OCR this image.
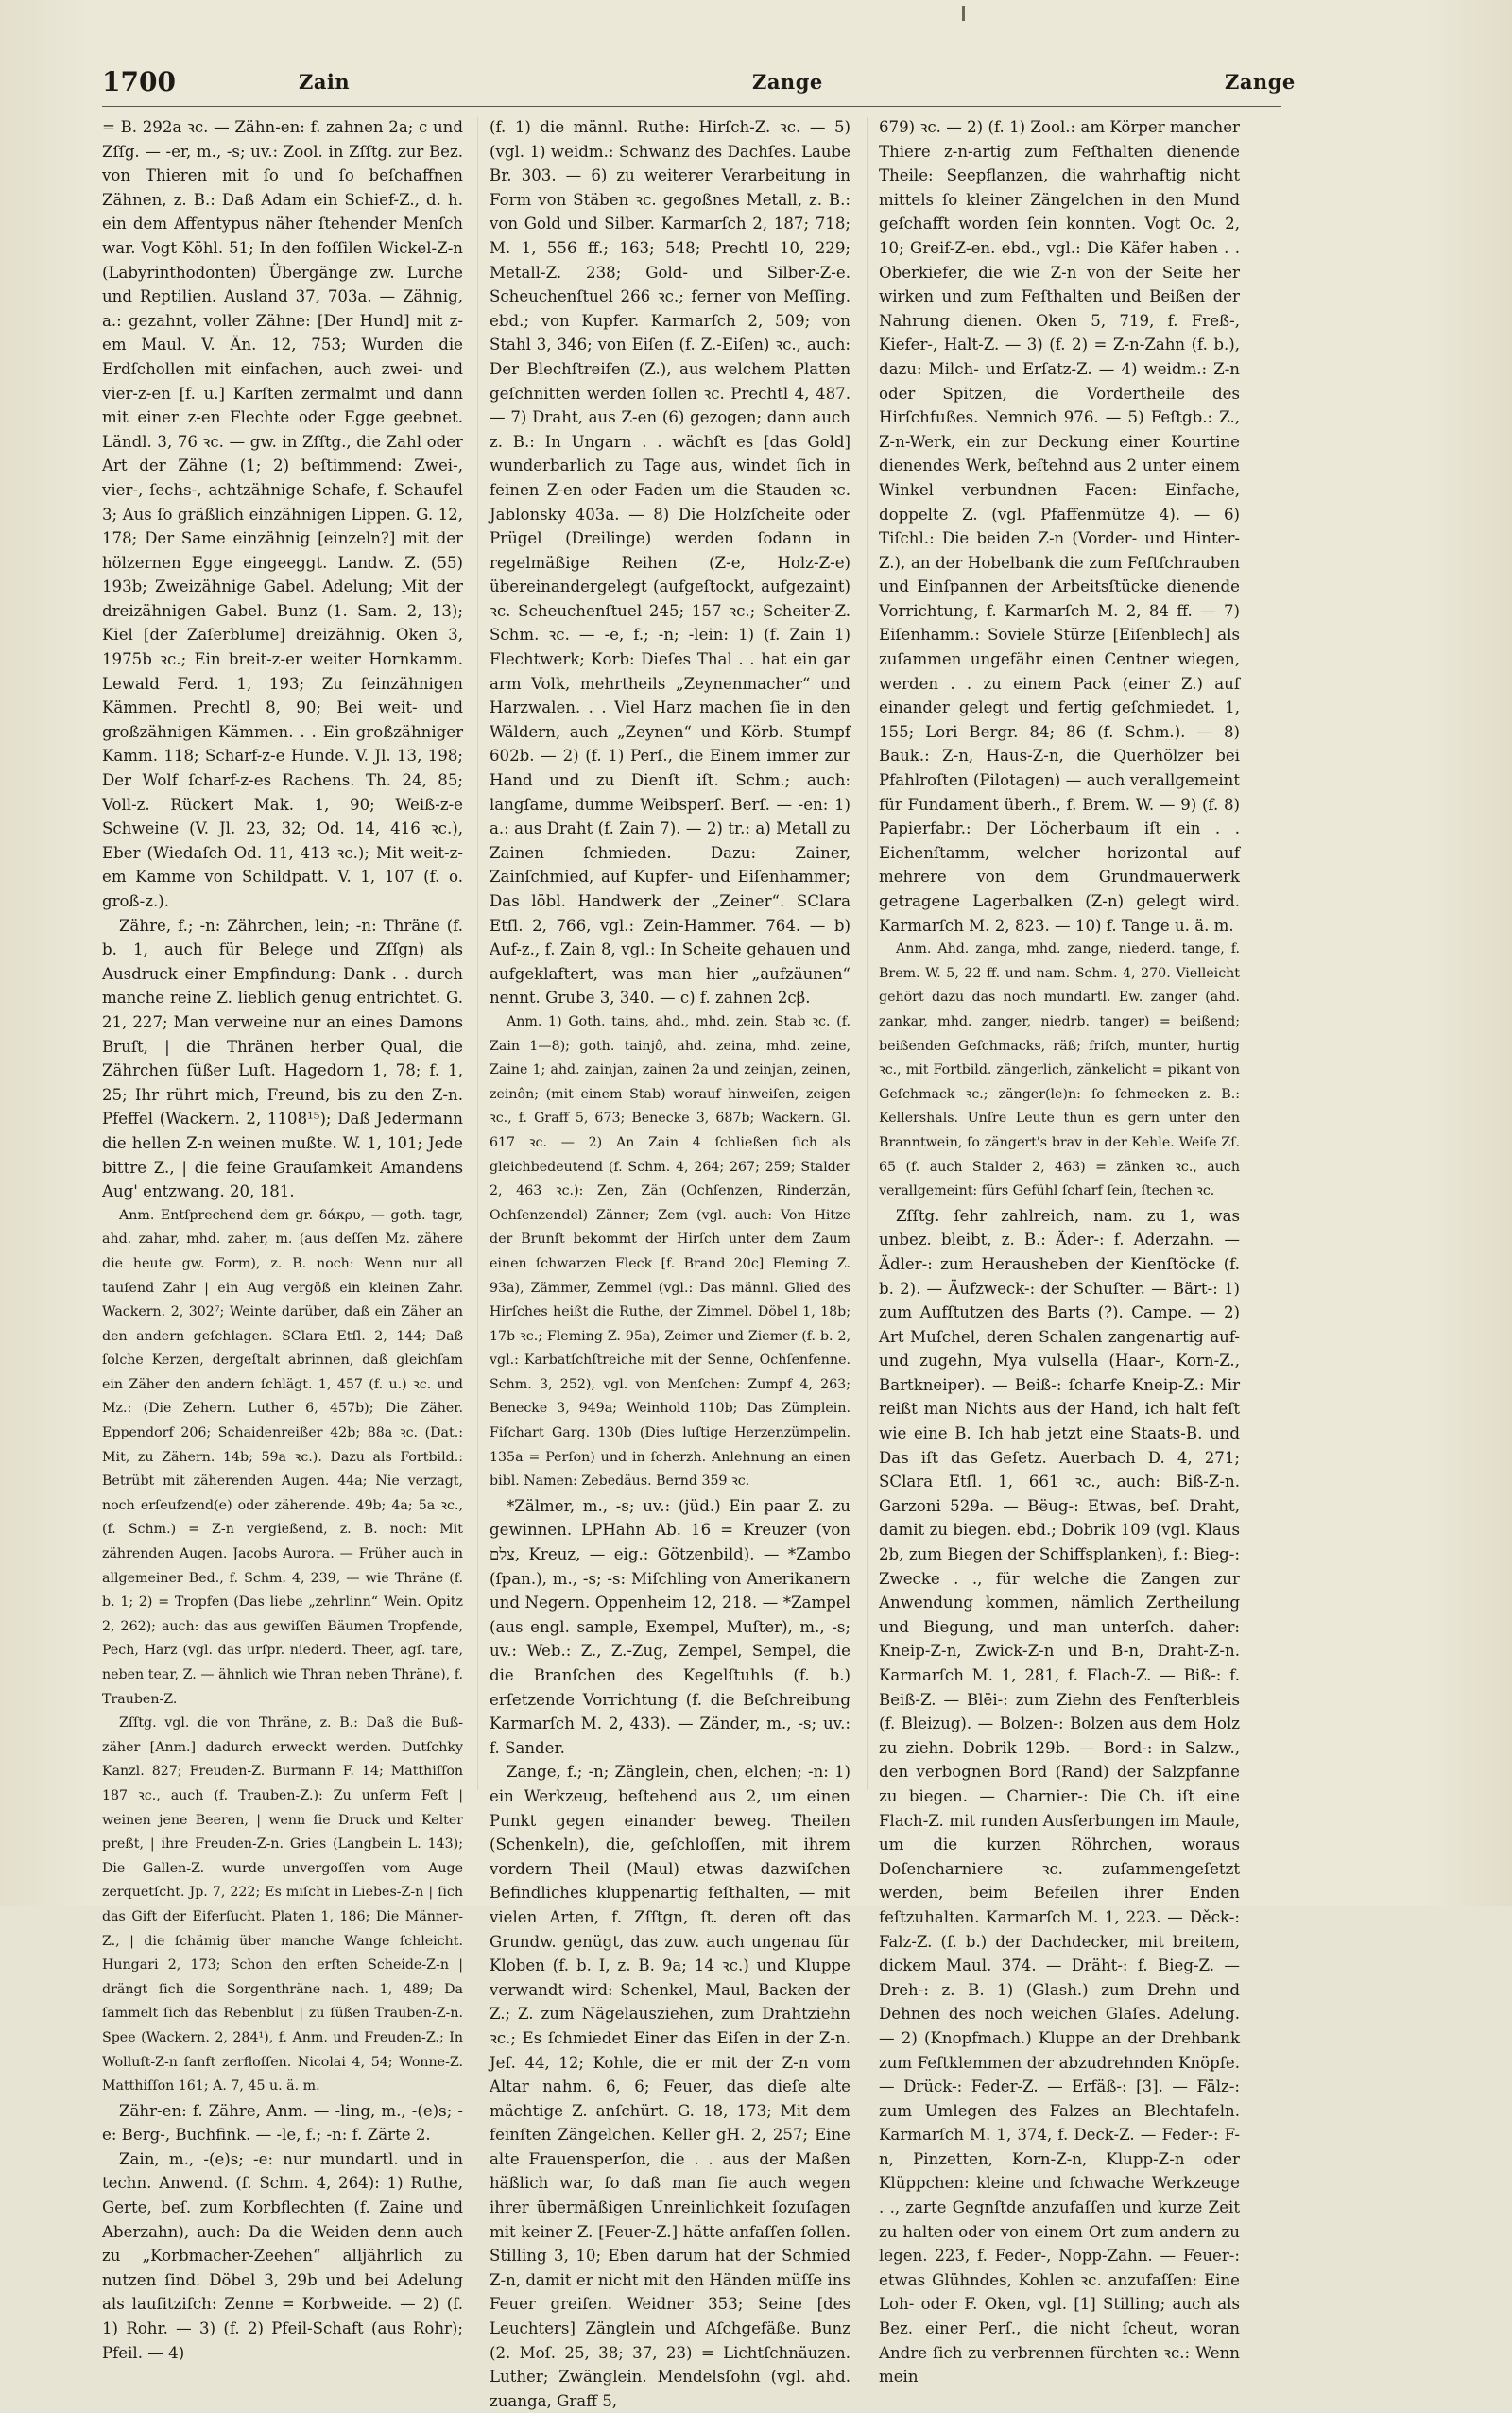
1700	Zain	Zange	Zange

= B. 292a ꝛc. — Zähn-en: f. zahnen 2a; c und Zſſg. — -er, m., -s; uv.: Zool. in Zſſtg. zur Bez. von Thieren mit ſo und ſo beſchaffnen Zähnen, z. B.: Daß Adam ein Schief-Z., d. h. ein dem Affentypus näher ſtehender Menſch war. Vogt Köhl. 51; In den foſſilen Wickel-Z-n (Labyrinthodonten) Übergänge zw. Lurche und Reptilien. Ausland 37, 703a. — Zähnig, a.: gezahnt, voller Zähne: [Der Hund] mit z-em Maul. V. Än. 12, 753; Wurden die Erdſchollen mit einfachen, auch zwei- und vier-z-en [f. u.] Karſten zermalmt und dann mit einer z-en Flechte oder Egge geebnet. Ländl. 3, 76 ꝛc. — gw. in Zſſtg., die Zahl oder Art der Zähne (1; 2) beſtimmend: Zwei-, vier-, ſechs-, achtzähnige Schafe, f. Schaufel 3; Aus ſo gräßlich einzähnigen Lippen. G. 12, 178; Der Same einzähnig [einzeln?] mit der hölzernen Egge eingeeggt. Landw. Z. (55) 193b; Zweizähnige Gabel. Adelung; Mit der dreizähnigen Gabel. Bunz (1. Sam. 2, 13); Kiel [der Zaſerblume] dreizähnig. Oken 3, 1975b ꝛc.; Ein breit-z-er weiter Hornkamm. Lewald Ferd. 1, 193; Zu feinzähnigen Kämmen. Prechtl 8, 90; Bei weit- und großzähnigen Kämmen. . . Ein großzähniger Kamm. 118; Scharf-z-e Hunde. V. Jl. 13, 198; Der Wolf ſcharf-z-es Rachens. Th. 24, 85; Voll-z. Rückert Mak. 1, 90; Weiß-z-e Schweine (V. Jl. 23, 32; Od. 14, 416 ꝛc.), Eber (Wiedaſch Od. 11, 413 ꝛc.); Mit weit-z-em Kamme von Schildpatt. V. 1, 107 (f. o. groß-z.).

Zähre, f.; -n: Zährchen, lein; -n: Thräne (f. b. 1, auch für Belege und Zſſgn) als Ausdruck einer Empfindung: Dank . . durch manche reine Z. lieblich genug entrichtet. G. 21, 227; Man verweine nur an eines Damons Bruſt, | die Thränen herber Qual, die Zährchen ſüßer Luſt. Hagedorn 1, 78; f. 1, 25; Ihr rührt mich, Freund, bis zu den Z-n. Pfeffel (Wackern. 2, 1108¹⁵); Daß Jedermann die hellen Z-n weinen mußte. W. 1, 101; Jede bittre Z., | die feine Grauſamkeit Amandens Aug' entzwang. 20, 181.

Anm. Entſprechend dem gr. δάκρυ, — goth. tagr, ahd. zahar, mhd. zaher, m. (aus deſſen Mz. zähere die heute gw. Form), z. B. noch: Wenn nur all tauſend Zahr | ein Aug vergöß ein kleinen Zahr. Wackern. 2, 302⁷; Weinte darüber, daß ein Zäher an den andern geſchlagen. SClara Etſl. 2, 144; Daß ſolche Kerzen, dergeſtalt abrinnen, daß gleichſam ein Zäher den andern ſchlägt. 1, 457 (f. u.) ꝛc. und Mz.: (Die Zehern. Luther 6, 457b); Die Zäher. Eppendorf 206; Schaidenreißer 42b; 88a ꝛc. (Dat.: Mit, zu Zähern. 14b; 59a ꝛc.). Dazu als Fortbild.: Betrübt mit zäherenden Augen. 44a; Nie verzagt, noch erſeufzend(e) oder zäherende. 49b; 4a; 5a ꝛc., (f. Schm.) = Z-n vergießend, z. B. noch: Mit zährenden Augen. Jacobs Aurora. — Früher auch in allgemeiner Bed., f. Schm. 4, 239, — wie Thräne (f. b. 1; 2) = Tropfen (Das liebe „zehrlinn“ Wein. Opitz 2, 262); auch: das aus gewiſſen Bäumen Tropfende, Pech, Harz (vgl. das urſpr. niederd. Theer, agſ. tare, neben tear, Z. — ähnlich wie Thran neben Thräne), f. Trauben-Z.

Zſſtg. vgl. die von Thräne, z. B.: Daß die Buß-zäher [Anm.] dadurch erweckt werden. Dutſchky Kanzl. 827; Freuden-Z. Burmann F. 14; Matthiſſon 187 ꝛc., auch (f. Trauben-Z.): Zu unſerm Feſt | weinen jene Beeren, | wenn ſie Druck und Kelter preßt, | ihre Freuden-Z-n. Gries (Langbein L. 143); Die Gallen-Z. wurde unvergoſſen vom Auge zerquetſcht. Jp. 7, 222; Es miſcht in Liebes-Z-n | ſich das Gift der Eiferſucht. Platen 1, 186; Die Männer-Z., | die ſchämig über manche Wange ſchleicht. Hungari 2, 173; Schon den erſten Scheide-Z-n | drängt ſich die Sorgenthräne nach. 1, 489; Da ſammelt ſich das Rebenblut | zu ſüßen Trauben-Z-n. Spee (Wackern. 2, 284¹), f. Anm. und Freuden-Z.; In Wolluſt-Z-n ſanft zerfloſſen. Nicolai 4, 54; Wonne-Z. Matthiſſon 161; A. 7, 45 u. ä. m.

Zähr-en: f. Zähre, Anm. — -ling, m., -(e)s; -e: Berg-, Buchfink. — -le, f.; -n: f. Zärte 2.

Zain, m., -(e)s; -e: nur mundartl. und in techn. Anwend. (f. Schm. 4, 264): 1) Ruthe, Gerte, beſ. zum Korbflechten (f. Zaine und Aberzahn), auch: Da die Weiden denn auch zu „Korbmacher-Zeehen“ alljährlich zu nutzen ſind. Döbel 3, 29b und bei Adelung als lauſitziſch: Zenne = Korbweide. — 2) (f. 1) Rohr. — 3) (f. 2) Pfeil-Schaft (aus Rohr); Pfeil. — 4)

(f. 1) die männl. Ruthe: Hirſch-Z. ꝛc. — 5) (vgl. 1) weidm.: Schwanz des Dachſes. Laube Br. 303. — 6) zu weiterer Verarbeitung in Form von Stäben ꝛc. gegoßnes Metall, z. B.: von Gold und Silber. Karmarſch 2, 187; 718; M. 1, 556 ff.; 163; 548; Prechtl 10, 229; Metall-Z. 238; Gold- und Silber-Z-e. Scheuchenſtuel 266 ꝛc.; ferner von Meſſing. ebd.; von Kupfer. Karmarſch 2, 509; von Stahl 3, 346; von Eiſen (f. Z.-Eiſen) ꝛc., auch: Der Blechſtreifen (Z.), aus welchem Platten geſchnitten werden ſollen ꝛc. Prechtl 4, 487. — 7) Draht, aus Z-en (6) gezogen; dann auch z. B.: In Ungarn . . wächſt es [das Gold] wunderbarlich zu Tage aus, windet ſich in feinen Z-en oder Faden um die Stauden ꝛc. Jablonsky 403a. — 8) Die Holzſcheite oder Prügel (Dreilinge) werden ſodann in regelmäßige Reihen (Z-e, Holz-Z-e) übereinandergelegt (aufgeſtockt, aufgezaint) ꝛc. Scheuchenſtuel 245; 157 ꝛc.; Scheiter-Z. Schm. ꝛc. — -e, f.; -n; -lein: 1) (f. Zain 1) Flechtwerk; Korb: Dieſes Thal . . hat ein gar arm Volk, mehrtheils „Zeynenmacher“ und Harzwalen. . . Viel Harz machen ſie in den Wäldern, auch „Zeynen“ und Körb. Stumpf 602b. — 2) (f. 1) Perſ., die Einem immer zur Hand und zu Dienſt iſt. Schm.; auch: langſame, dumme Weibsperſ. Berſ. — -en: 1) a.: aus Draht (f. Zain 7). — 2) tr.: a) Metall zu Zainen ſchmieden. Dazu: Zainer, Zainſchmied, auf Kupfer- und Eiſenhammer; Das löbl. Handwerk der „Zeiner“. SClara Etſl. 2, 766, vgl.: Zein-Hammer. 764. — b) Auf-z., f. Zain 8, vgl.: In Scheite gehauen und aufgeklaftert, was man hier „aufzäunen“ nennt. Grube 3, 340. — c) f. zahnen 2cβ.

Anm. 1) Goth. tains, ahd., mhd. zein, Stab ꝛc. (f. Zain 1—8); goth. tainjô, ahd. zeina, mhd. zeine, Zaine 1; ahd. zainjan, zainen 2a und zeinjan, zeinen, zeinôn; (mit einem Stab) worauf hinweiſen, zeigen ꝛc., f. Graff 5, 673; Benecke 3, 687b; Wackern. Gl. 617 ꝛc. — 2) An Zain 4 ſchließen ſich als gleichbedeutend (f. Schm. 4, 264; 267; 259; Stalder 2, 463 ꝛc.): Zen, Zän (Ochſenzen, Rinderzän, Ochſenzendel) Zänner; Zem (vgl. auch: Von Hitze der Brunſt bekommt der Hirſch unter dem Zaum einen ſchwarzen Fleck [f. Brand 20c] Fleming Z. 93a), Zämmer, Zemmel (vgl.: Das männl. Glied des Hirſches heißt die Ruthe, der Zimmel. Döbel 1, 18b; 17b ꝛc.; Fleming Z. 95a), Zeimer und Ziemer (f. b. 2, vgl.: Karbatſchſtreiche mit der Senne, Ochſenfenne. Schm. 3, 252), vgl. von Menſchen: Zumpf 4, 263; Benecke 3, 949a; Weinhold 110b; Das Zümplein. Fiſchart Garg. 130b (Dies luſtige Herzenzümpelin. 135a = Perſon) und in ſcherzh. Anlehnung an einen bibl. Namen: Zebedäus. Bernd 359 ꝛc.

*Zälmer, m., -s; uv.: (jüd.) Ein paar Z. zu gewinnen. LPHahn Ab. 16 = Kreuzer (von צלם, Kreuz, — eig.: Götzenbild). — *Zambo (ſpan.), m., -s; -s: Miſchling von Amerikanern und Negern. Oppenheim 12, 218. — *Zampel (aus engl. sample, Exempel, Muſter), m., -s; uv.: Web.: Z., Z.-Zug, Zempel, Sempel, die die Branſchen des Kegelſtuhls (f. b.) erſetzende Vorrichtung (f. die Beſchreibung Karmarſch M. 2, 433). — Zänder, m., -s; uv.: f. Sander.

Zange, f.; -n; Zänglein, chen, elchen; -n: 1) ein Werkzeug, beſtehend aus 2, um einen Punkt gegen einander beweg. Theilen (Schenkeln), die, geſchloſſen, mit ihrem vordern Theil (Maul) etwas dazwiſchen Befindliches kluppenartig feſthalten, — mit vielen Arten, f. Zſſtgn, ſt. deren oft das Grundw. genügt, das zuw. auch ungenau für Kloben (f. b. I, z. B. 9a; 14 ꝛc.) und Kluppe verwandt wird: Schenkel, Maul, Backen der Z.; Z. zum Nägelausziehen, zum Drahtziehn ꝛc.; Es ſchmiedet Einer das Eiſen in der Z-n. Jeſ. 44, 12; Kohle, die er mit der Z-n vom Altar nahm. 6, 6; Feuer, das dieſe alte mächtige Z. anſchürt. G. 18, 173; Mit dem feinſten Zängelchen. Keller gH. 2, 257; Eine alte Frauensperſon, die . . aus der Maßen häßlich war, ſo daß man ſie auch wegen ihrer übermäßigen Unreinlichkeit ſozuſagen mit keiner Z. [Feuer-Z.] hätte anfaſſen ſollen. Stilling 3, 10; Eben darum hat der Schmied Z-n, damit er nicht mit den Händen müſſe ins Feuer greifen. Weidner 353; Seine [des Leuchters] Zänglein und Aſchgefäße. Bunz (2. Moſ. 25, 38; 37, 23) = Lichtſchnäuzen. Luther; Zwänglein. Mendelsſohn (vgl. ahd. zuanga, Graff 5,

679) ꝛc. — 2) (f. 1) Zool.: am Körper mancher Thiere z-n-artig zum Feſthalten dienende Theile: Seepflanzen, die wahrhaftig nicht mittels ſo kleiner Zängelchen in den Mund geſchafft worden ſein konnten. Vogt Oc. 2, 10; Greif-Z-en. ebd., vgl.: Die Käfer haben . . Oberkiefer, die wie Z-n von der Seite her wirken und zum Feſthalten und Beißen der Nahrung dienen. Oken 5, 719, f. Freß-, Kiefer-, Halt-Z. — 3) (f. 2) = Z-n-Zahn (f. b.), dazu: Milch- und Erſatz-Z. — 4) weidm.: Z-n oder Spitzen, die Vordertheile des Hirſchfußes. Nemnich 976. — 5) Feſtgb.: Z., Z-n-Werk, ein zur Deckung einer Kourtine dienendes Werk, beſtehnd aus 2 unter einem Winkel verbundnen Facen: Einfache, doppelte Z. (vgl. Pfaffenmütze 4). — 6) Tiſchl.: Die beiden Z-n (Vorder- und Hinter-Z.), an der Hobelbank die zum Feſtſchrauben und Einſpannen der Arbeitsſtücke dienende Vorrichtung, f. Karmarſch M. 2, 84 ff. — 7) Eiſenhamm.: Soviele Stürze [Eiſenblech] als zuſammen ungefähr einen Centner wiegen, werden . . zu einem Pack (einer Z.) auf einander gelegt und fertig geſchmiedet. 1, 155; Lori Bergr. 84; 86 (f. Schm.). — 8) Bauk.: Z-n, Haus-Z-n, die Querhölzer bei Pfahlroſten (Pilotagen) — auch verallgemeint für Fundament überh., f. Brem. W. — 9) (f. 8) Papierfabr.: Der Löcherbaum iſt ein . . Eichenſtamm, welcher horizontal auf mehrere von dem Grundmauerwerk getragene Lagerbalken (Z-n) gelegt wird. Karmarſch M. 2, 823. — 10) f. Tange u. ä. m.

Anm. Ahd. zanga, mhd. zange, niederd. tange, f. Brem. W. 5, 22 ff. und nam. Schm. 4, 270. Vielleicht gehört dazu das noch mundartl. Ew. zanger (ahd. zankar, mhd. zanger, niedrb. tanger) = beißend; beißenden Geſchmacks, räß; friſch, munter, hurtig ꝛc., mit Fortbild. zängerlich, zänkelicht = pikant von Geſchmack ꝛc.; zänger(le)n: ſo ſchmecken z. B.: Kellershals. Unſre Leute thun es gern unter den Branntwein, ſo zängert's brav in der Kehle. Weiſe Zſ. 65 (f. auch Stalder 2, 463) = zänken ꝛc., auch verallgemeint: fürs Gefühl ſcharf ſein, ſtechen ꝛc.

Zſſtg. ſehr zahlreich, nam. zu 1, was unbez. bleibt, z. B.: Äder-: f. Aderzahn. — Ädler-: zum Herausheben der Kienſtöcke (f. b. 2). — Äufzweck-: der Schuſter. — Bärt-: 1) zum Aufſtutzen des Barts (?). Campe. — 2) Art Muſchel, deren Schalen zangenartig auf- und zugehn, Mya vulsella (Haar-, Korn-Z., Bartkneiper). — Beiß-: ſcharfe Kneip-Z.: Mir reißt man Nichts aus der Hand, ich halt feſt wie eine B. Ich hab jetzt eine Staats-B. und Das iſt das Geſetz. Auerbach D. 4, 271; SClara Etſl. 1, 661 ꝛc., auch: Biß-Z-n. Garzoni 529a. — Bëug-: Etwas, beſ. Draht, damit zu biegen. ebd.; Dobrik 109 (vgl. Klaus 2b, zum Biegen der Schiffsplanken), f.: Bieg-: Zwecke . ., für welche die Zangen zur Anwendung kommen, nämlich Zertheilung und Biegung, und man unterſch. daher: Kneip-Z-n, Zwick-Z-n und B-n, Draht-Z-n. Karmarſch M. 1, 281, f. Flach-Z. — Biß-: f. Beiß-Z. — Blëi-: zum Ziehn des Fenſterbleis (f. Bleizug). — Bolzen-: Bolzen aus dem Holz zu ziehn. Dobrik 129b. — Bord-: in Salzw., den verbognen Bord (Rand) der Salzpfanne zu biegen. — Charnier-: Die Ch. iſt eine Flach-Z. mit runden Ausferbungen im Maule, um die kurzen Röhrchen, woraus Doſencharniere ꝛc. zuſammengeſetzt werden, beim Befeilen ihrer Enden feſtzuhalten. Karmarſch M. 1, 223. — Děck-: Falz-Z. (f. b.) der Dachdecker, mit breitem, dickem Maul. 374. — Dräht-: f. Bieg-Z. — Dreh-: z. B. 1) (Glash.) zum Drehn und Dehnen des noch weichen Glaſes. Adelung. — 2) (Knopfmach.) Kluppe an der Drehbank zum Feſtklemmen der abzudrehnden Knöpfe. — Drück-: Feder-Z. — Erfäß-: [3]. — Fälz-: zum Umlegen des Falzes an Blechtafeln. Karmarſch M. 1, 374, f. Deck-Z. — Feder-: F-n, Pinzetten, Korn-Z-n, Klupp-Z-n oder Klüppchen: kleine und ſchwache Werkzeuge . ., zarte Gegnſtde anzufaſſen und kurze Zeit zu halten oder von einem Ort zum andern zu legen. 223, f. Feder-, Nopp-Zahn. — Feuer-: etwas Glühndes, Kohlen ꝛc. anzufaſſen: Eine Loh- oder F. Oken, vgl. [1] Stilling; auch als Bez. einer Perſ., die nicht ſcheut, woran Andre ſich zu verbrennen fürchten ꝛc.: Wenn mein
